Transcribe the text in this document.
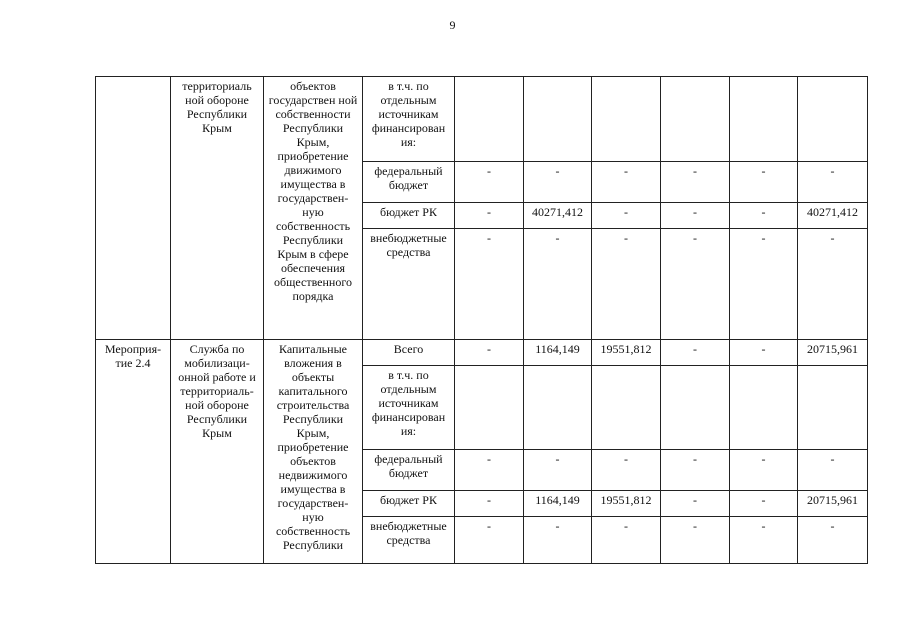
9
	территориаль ной обороне Республики Крым	объектов государствен ной собственности Республики Крым, приобретение движимого имущества в государствен-ную собственность Республики Крым в сфере обеспечения общественного порядка	в т.ч. по отдельным источникам финансирован ия:						
			федеральный бюджет	-	-	-	-	-	-
			бюджет РК	-	40271,412	-	-	-	40271,412
			внебюджетные средства	-	-	-	-	-	-
Мероприя-тие 2.4	Служба по мобилизаци-онной работе и территориаль-ной обороне Республики Крым	Капитальные вложения в объекты капитального строительства Республики Крым, приобретение объектов недвижимого имущества в государствен-ную собственность Республики	Всего	-	1164,149	19551,812	-	-	20715,961
			в т.ч. по отдельным источникам финансирован ия:						
			федеральный бюджет	-	-	-	-	-	-
			бюджет РК	-	1164,149	19551,812	-	-	20715,961
			внебюджетные средства	-	-	-	-	-	-
